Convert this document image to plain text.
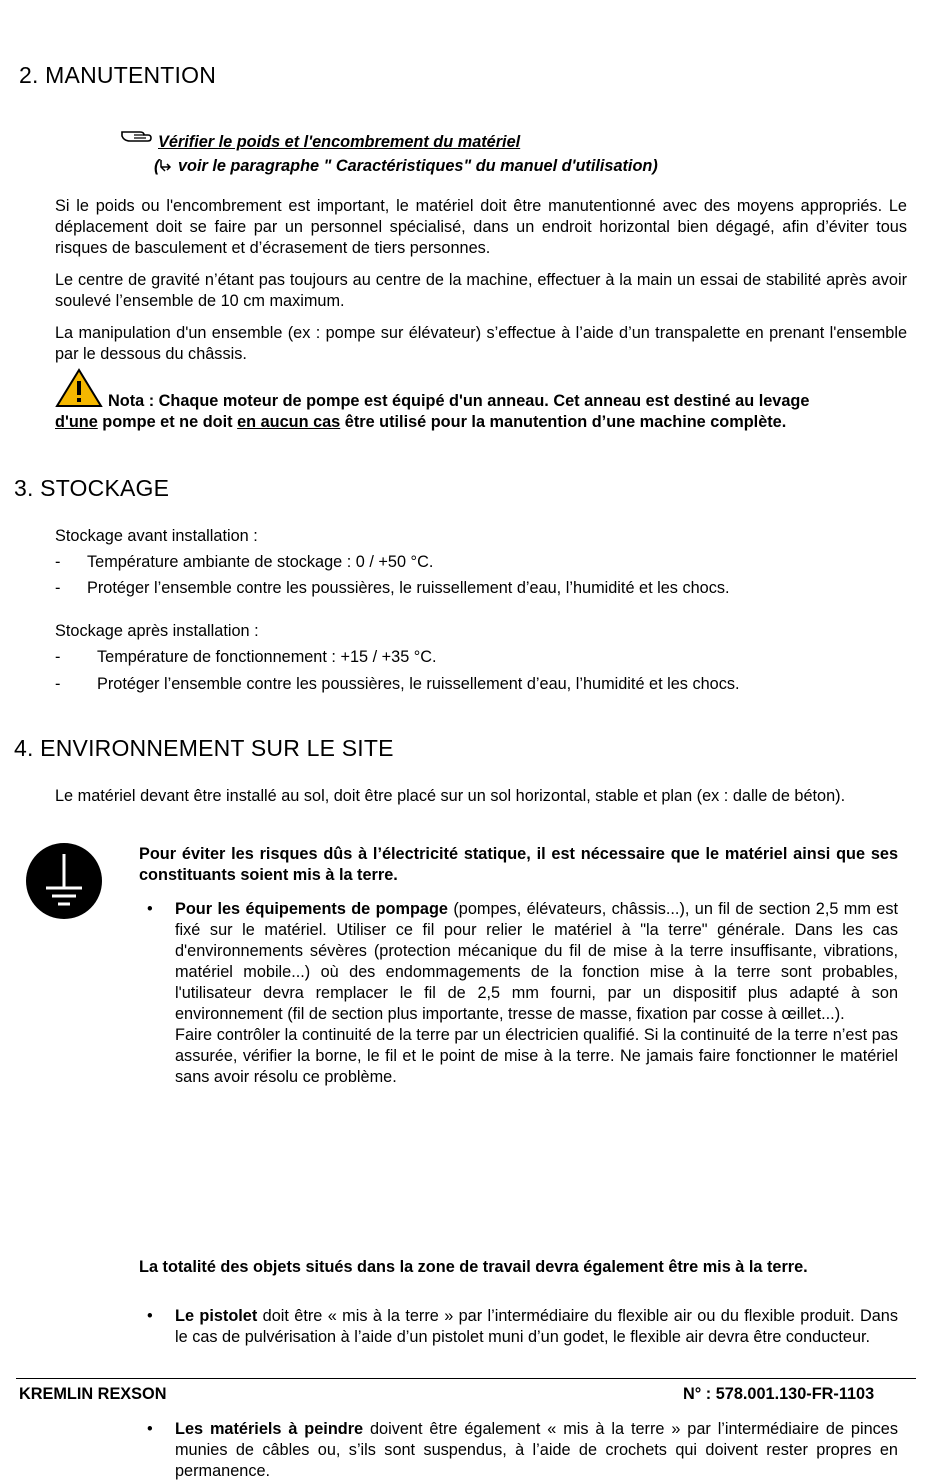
2. MANUTENTION

Vérifier le poids et l'encombrement du matériel

( voir le paragraphe " Caractéristiques" du manuel d'utilisation)

Si le poids ou l'encombrement est important, le matériel doit être manutentionné avec des moyens appropriés. Le déplacement doit se faire par un personnel spécialisé, dans un endroit horizontal bien dégagé, afin d’éviter tous risques de basculement et d’écrasement de tiers personnes.

Le centre de gravité n’étant pas toujours au centre de la machine, effectuer à la main un essai de stabilité après avoir soulevé l’ensemble de 10 cm maximum.

La manipulation d'un ensemble (ex : pompe sur élévateur) s’effectue à l’aide d’un transpalette en prenant l'ensemble par le dessous du châssis.

Nota : Chaque moteur de pompe est équipé d'un anneau. Cet anneau est destiné au levage

d'une pompe et ne doit en aucun cas être utilisé pour la manutention d’une machine complète.

3. STOCKAGE

Stockage avant installation :

- Température ambiante de stockage : 0 / +50 °C.

- Protéger l’ensemble contre les poussières, le ruissellement d’eau, l’humidité et les chocs.

Stockage après installation :

- Température de fonctionnement : +15 / +35 °C.

- Protéger l’ensemble contre les poussières, le ruissellement d’eau, l’humidité et les chocs.

4. ENVIRONNEMENT SUR LE SITE

Le matériel devant être installé au sol, doit être placé sur un sol horizontal, stable et plan (ex : dalle de béton).

Pour éviter les risques dûs à l’électricité statique, il est nécessaire que le matériel ainsi que ses constituants soient mis à la terre.

• Pour les équipements de pompage (pompes, élévateurs, châssis...), un fil de section 2,5 mm est fixé sur le matériel. Utiliser ce fil pour relier le matériel à "la terre" générale. Dans les cas d'environnements sévères (protection mécanique du fil de mise à la terre insuffisante, vibrations, matériel mobile...) où des endommagements de la fonction mise à la terre sont probables, l'utilisateur devra remplacer le fil de 2,5 mm fourni, par un dispositif plus adapté à son environnement (fil de section plus importante, tresse de masse, fixation par cosse à œillet...).

Faire contrôler la continuité de la terre par un électricien qualifié. Si la continuité de la terre n’est pas assurée, vérifier la borne, le fil et le point de mise à la terre. Ne jamais faire fonctionner le matériel sans avoir résolu ce problème.

• Le pistolet doit être « mis à la terre » par l’intermédiaire du flexible air ou du flexible produit. Dans le cas de pulvérisation à l’aide d’un pistolet muni d’un godet, le flexible air devra être conducteur.

• Les matériels à peindre doivent être également « mis à la terre » par l’intermédiaire de pinces munies de câbles ou, s’ils sont suspendus, à l’aide de crochets qui doivent rester propres en permanence.

La totalité des objets situés dans la zone de travail devra également être mis à la terre.

KREMLIN REXSON	N° : 578.001.130-FR-1103
